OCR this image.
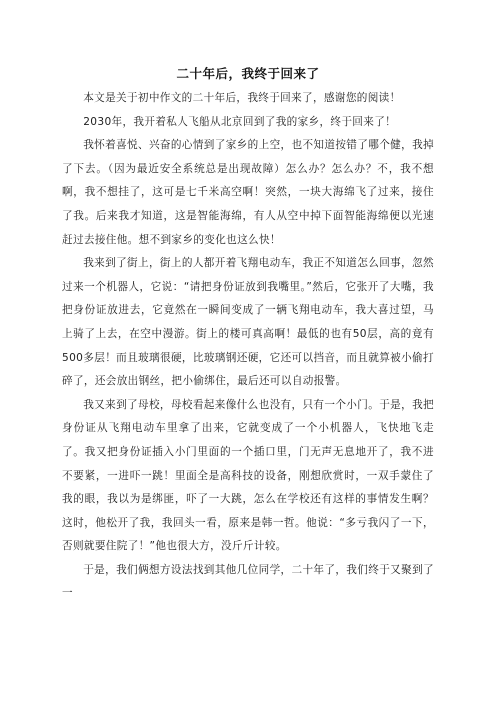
二十年后，我终于回来了

本文是关于初中作文的二十年后，我终于回来了，感谢您的阅读！

2030年，我开着私人飞船从北京回到了我的家乡，终于回来了！

我怀着喜悦、兴奋的心情到了家乡的上空，也不知道按错了哪个健，我掉了下去。（因为最近安全系统总是出现故障）怎么办？怎么办？不，我不想啊，我不想挂了，这可是七千米高空啊！突然，一块大海绵飞了过来，接住了我。后来我才知道，这是智能海绵，有人从空中掉下面智能海绵便以光速赶过去接住他。想不到家乡的变化也这么快！

我来到了街上，街上的人都开着飞翔电动车，我正不知道怎么回事，忽然过来一个机器人，它说：“请把身份证放到我嘴里。”然后，它张开了大嘴，我把身份证放进去，它竟然在一瞬间变成了一辆飞翔电动车，我大喜过望，马上骑了上去，在空中漫游。街上的楼可真高啊！最低的也有50层，高的竟有500多层！而且玻璃很硬，比玻璃钢还硬，它还可以挡音，而且就算被小偷打碎了，还会放出钢丝，把小偷绑住，最后还可以自动报警。

我又来到了母校，母校看起来像什么也没有，只有一个小门。于是，我把身份证从飞翔电动车里拿了出来，它就变成了一个小机器人，飞快地飞走了。我又把身份证插入小门里面的一个插口里，门无声无息地开了，我不进不要紧，一进吓一跳！里面全是高科技的设备，刚想欣赏时，一双手蒙住了我的眼，我以为是绑匪，吓了一大跳，怎么在学校还有这样的事情发生啊？这时，他松开了我，我回头一看，原来是韩一哲。他说：“多亏我闪了一下，否则就要住院了！”他也很大方，没斤斤计较。

于是，我们俩想方设法找到其他几位同学，二十年了，我们终于又聚到了一
